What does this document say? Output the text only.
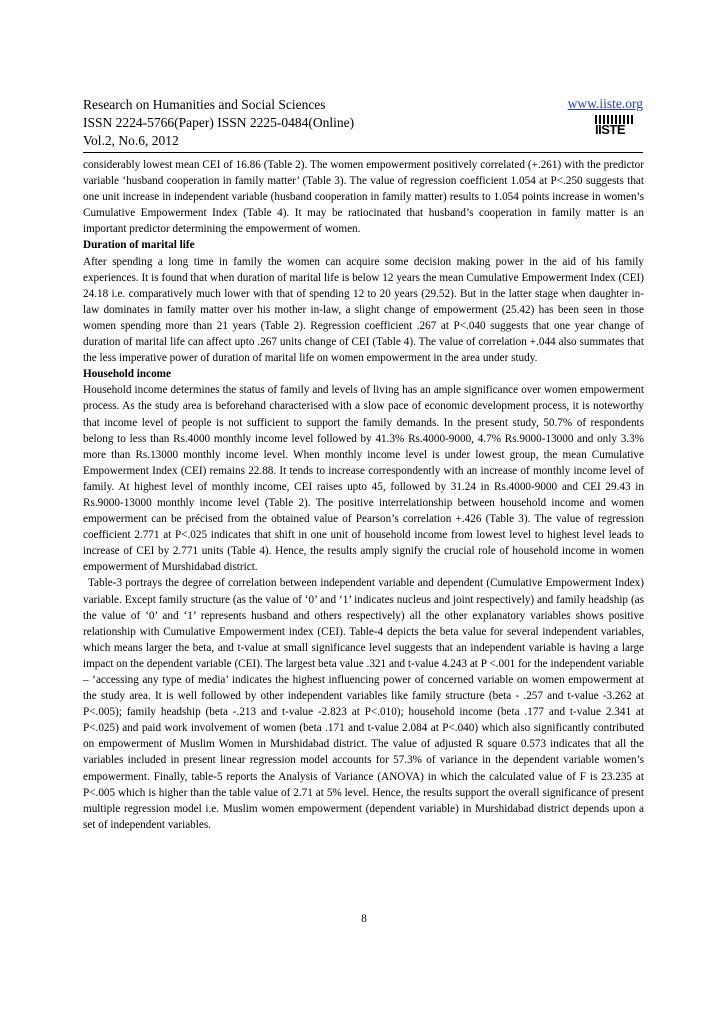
Research on Humanities and Social Sciences
ISSN 2224-5766(Paper) ISSN 2225-0484(Online)
Vol.2, No.6, 2012
www.iiste.org
IISTE

considerably lowest mean CEI of 16.86 (Table 2). The women empowerment positively correlated (+.261) with the predictor variable ‘husband cooperation in family matter’ (Table 3). The value of regression coefficient 1.054 at P<.250 suggests that one unit increase in independent variable (husband cooperation in family matter) results to 1.054 points increase in women’s Cumulative Empowerment Index (Table 4). It may be ratiocinated that husband’s cooperation in family matter is an important predictor determining the empowerment of women.

Duration of marital life

After spending a long time in family the women can acquire some decision making power in the aid of his family experiences. It is found that when duration of marital life is below 12 years the mean Cumulative Empowerment Index (CEI) 24.18 i.e. comparatively much lower with that of spending 12 to 20 years (29.52). But in the latter stage when daughter in-law dominates in family matter over his mother in-law, a slight change of empowerment (25.42) has been seen in those women spending more than 21 years (Table 2). Regression coefficient .267 at P<.040 suggests that one year change of duration of marital life can affect upto .267 units change of CEI (Table 4). The value of correlation +.044 also summates that the less imperative power of duration of marital life on women empowerment in the area under study.

Household income

Household income determines the status of family and levels of living has an ample significance over women empowerment process. As the study area is beforehand characterised with a slow pace of economic development process, it is noteworthy that income level of people is not sufficient to support the family demands. In the present study, 50.7% of respondents belong to less than Rs.4000 monthly income level followed by 41.3% Rs.4000-9000, 4.7% Rs.9000-13000 and only 3.3% more than Rs.13000 monthly income level. When monthly income level is under lowest group, the mean Cumulative Empowerment Index (CEI) remains 22.88. It tends to increase correspondently with an increase of monthly income level of family. At highest level of monthly income, CEI raises upto 45, followed by 31.24 in Rs.4000-9000 and CEI 29.43 in Rs.9000-13000 monthly income level (Table 2). The positive interrelationship between household income and women empowerment can be précised from the obtained value of Pearson’s correlation +.426 (Table 3). The value of regression coefficient 2.771 at P<.025 indicates that shift in one unit of household income from lowest level to highest level leads to increase of CEI by 2.771 units (Table 4). Hence, the results amply signify the crucial role of household income in women empowerment of Murshidabad district.

Table-3 portrays the degree of correlation between independent variable and dependent (Cumulative Empowerment Index) variable. Except family structure (as the value of ‘0’ and ‘1’ indicates nucleus and joint respectively) and family headship (as the value of ‘0’ and ‘1’ represents husband and others respectively) all the other explanatory variables shows positive relationship with Cumulative Empowerment index (CEI). Table-4 depicts the beta value for several independent variables, which means larger the beta, and t-value at small significance level suggests that an independent variable is having a large impact on the dependent variable (CEI). The largest beta value .321 and t-value 4.243 at P <.001 for the independent variable – ‘accessing any type of media’ indicates the highest influencing power of concerned variable on women empowerment at the study area. It is well followed by other independent variables like family structure (beta - .257 and t-value -3.262 at P<.005); family headship (beta -.213 and t-value -2.823 at P<.010); household income (beta .177 and t-value 2.341 at P<.025) and paid work involvement of women (beta .171 and t-value 2.084 at P<.040) which also significantly contributed on empowerment of Muslim Women in Murshidabad district. The value of adjusted R square 0.573 indicates that all the variables included in present linear regression model accounts for 57.3% of variance in the dependent variable women’s empowerment. Finally, table-5 reports the Analysis of Variance (ANOVA) in which the calculated value of F is 23.235 at P<.005 which is higher than the table value of 2.71 at 5% level. Hence, the results support the overall significance of present multiple regression model i.e. Muslim women empowerment (dependent variable) in Murshidabad district depends upon a set of independent variables.

8
